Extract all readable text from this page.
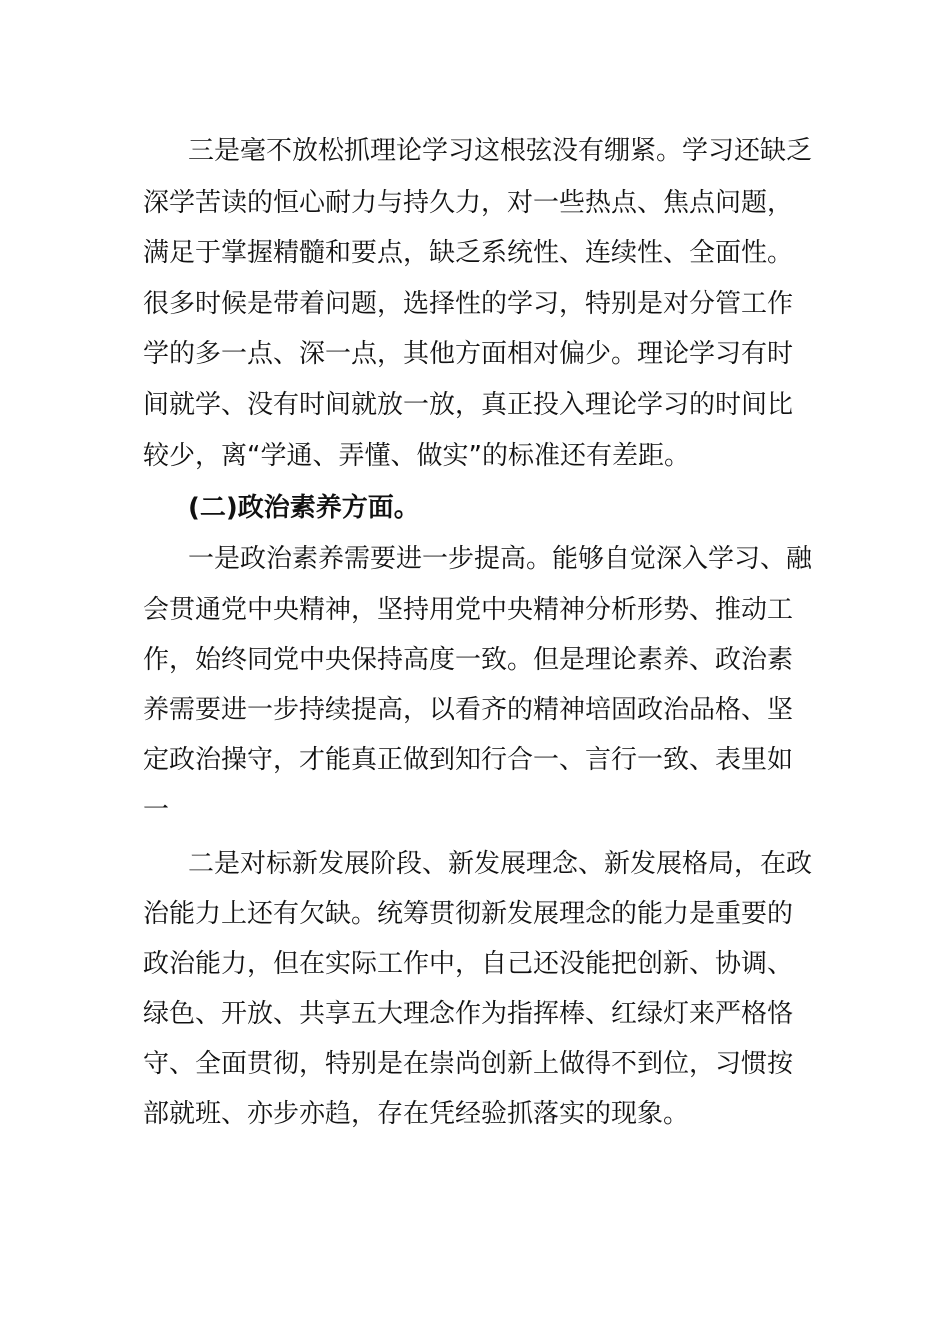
三是毫不放松抓理论学习这根弦没有绷紧。学习还缺乏

深学苦读的恒心耐力与持久力，对一些热点、焦点问题，

满足于掌握精髓和要点，缺乏系统性、连续性、全面性。

很多时候是带着问题，选择性的学习，特别是对分管工作

学的多一点、深一点，其他方面相对偏少。理论学习有时

间就学、没有时间就放一放，真正投入理论学习的时间比

较少，离“学通、弄懂、做实”的标准还有差距。

(二)政治素养方面。

一是政治素养需要进一步提高。能够自觉深入学习、融

会贯通党中央精神，坚持用党中央精神分析形势、推动工

作，始终同党中央保持高度一致。但是理论素养、政治素

养需要进一步持续提高，以看齐的精神培固政治品格、坚

定政治操守，才能真正做到知行合一、言行一致、表里如

一

二是对标新发展阶段、新发展理念、新发展格局，在政

治能力上还有欠缺。统筹贯彻新发展理念的能力是重要的

政治能力，但在实际工作中，自己还没能把创新、协调、

绿色、开放、共享五大理念作为指挥棒、红绿灯来严格恪

守、全面贯彻，特别是在崇尚创新上做得不到位，习惯按

部就班、亦步亦趋，存在凭经验抓落实的现象。
